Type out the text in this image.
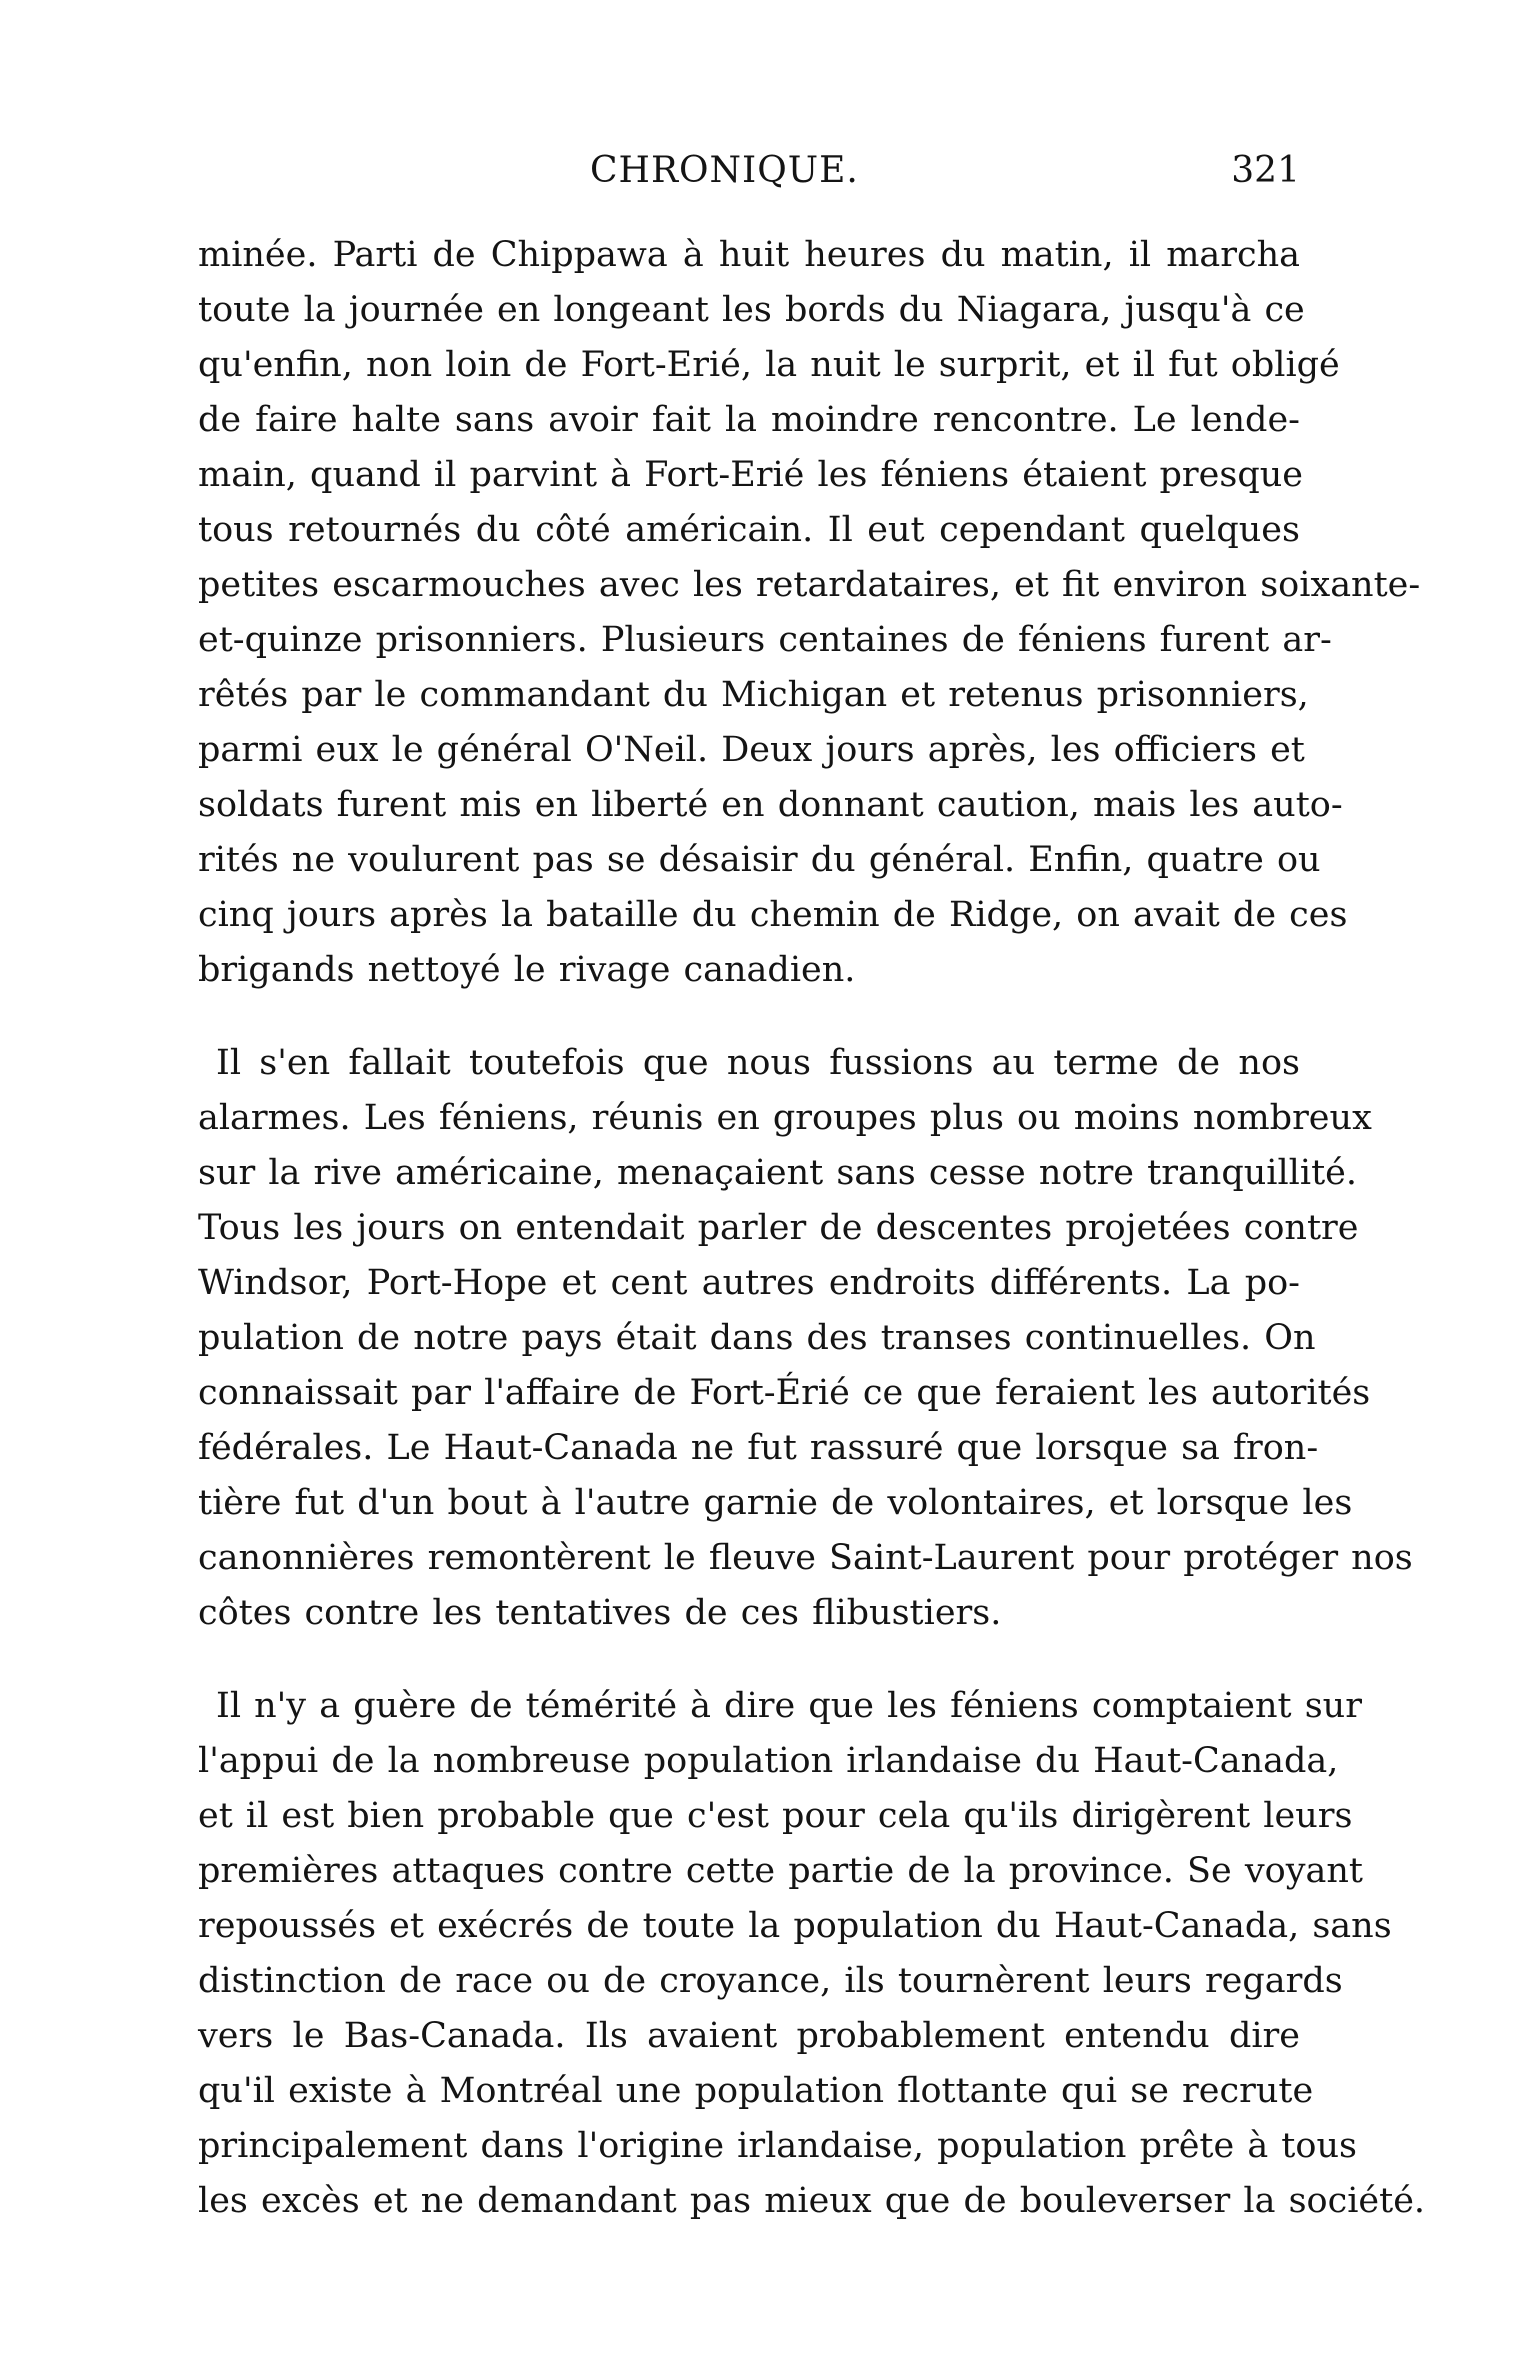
CHRONIQUE.	321
minée. Parti de Chippawa à huit heures du matin, il marcha
toute la journée en longeant les bords du Niagara, jusqu'à ce
qu'enfin, non loin de Fort-Erié, la nuit le surprit, et il fut obligé
de faire halte sans avoir fait la moindre rencontre. Le lende-
main, quand il parvint à Fort-Erié les féniens étaient presque
tous retournés du côté américain. Il eut cependant quelques
petites escarmouches avec les retardataires, et fit environ soixante-
et-quinze prisonniers. Plusieurs centaines de féniens furent ar-
rêtés par le commandant du Michigan et retenus prisonniers,
parmi eux le général O'Neil. Deux jours après, les officiers et
soldats furent mis en liberté en donnant caution, mais les auto-
rités ne voulurent pas se désaisir du général. Enfin, quatre ou
cinq jours après la bataille du chemin de Ridge, on avait de ces
brigands nettoyé le rivage canadien.
Il s'en fallait toutefois que nous fussions au terme de nos
alarmes. Les féniens, réunis en groupes plus ou moins nombreux
sur la rive américaine, menaçaient sans cesse notre tranquillité.
Tous les jours on entendait parler de descentes projetées contre
Windsor, Port-Hope et cent autres endroits différents. La po-
pulation de notre pays était dans des transes continuelles. On
connaissait par l'affaire de Fort-Érié ce que feraient les autorités
fédérales. Le Haut-Canada ne fut rassuré que lorsque sa fron-
tière fut d'un bout à l'autre garnie de volontaires, et lorsque les
canonnières remontèrent le fleuve Saint-Laurent pour protéger nos
côtes contre les tentatives de ces flibustiers.
Il n'y a guère de témérité à dire que les féniens comptaient sur
l'appui de la nombreuse population irlandaise du Haut-Canada,
et il est bien probable que c'est pour cela qu'ils dirigèrent leurs
premières attaques contre cette partie de la province. Se voyant
repoussés et exécrés de toute la population du Haut-Canada, sans
distinction de race ou de croyance, ils tournèrent leurs regards
vers le Bas-Canada. Ils avaient probablement entendu dire
qu'il existe à Montréal une population flottante qui se recrute
principalement dans l'origine irlandaise, population prête à tous
les excès et ne demandant pas mieux que de bouleverser la société.
